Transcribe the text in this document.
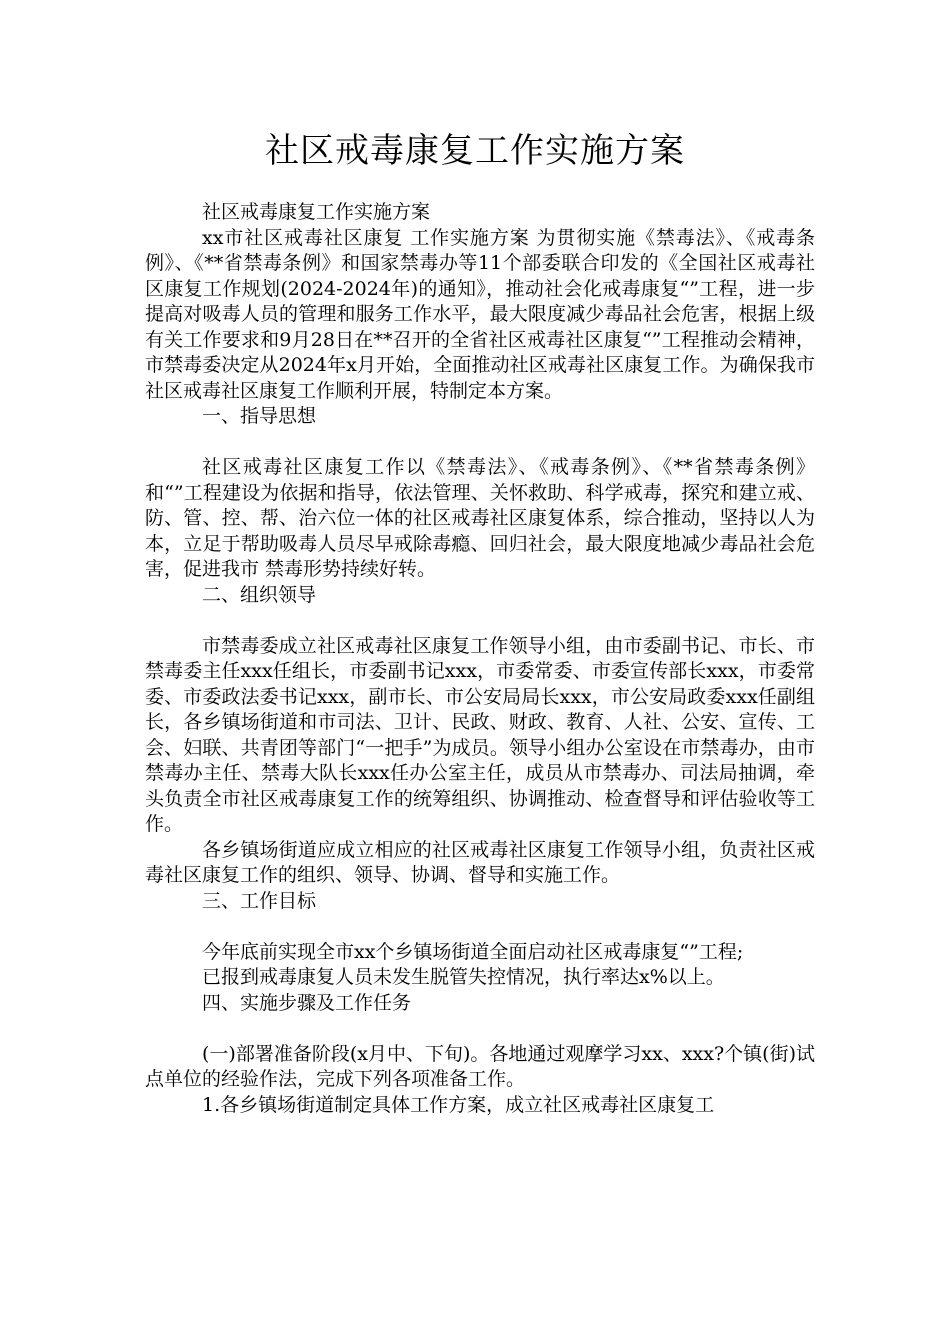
社区戒毒康复工作实施方案

社区戒毒康复工作实施方案

xx市社区戒毒社区康复 工作实施方案 为贯彻实施《禁毒法》、《戒毒条例》、《**省禁毒条例》和国家禁毒办等11个部委联合印发的《全国社区戒毒社区康复工作规划(2024-2024年)的通知》，推动社会化戒毒康复“”工程，进一步提高对吸毒人员的管理和服务工作水平，最大限度减少毒品社会危害，根据上级有关工作要求和9月28日在**召开的全省社区戒毒社区康复“”工程推动会精神，市禁毒委决定从2024年x月开始，全面推动社区戒毒社区康复工作。为确保我市社区戒毒社区康复工作顺利开展，特制定本方案。

一、指导思想

社区戒毒社区康复工作以《禁毒法》、《戒毒条例》、《**省禁毒条例》和“”工程建设为依据和指导，依法管理、关怀救助、科学戒毒，探究和建立戒、防、管、控、帮、治六位一体的社区戒毒社区康复体系，综合推动，坚持以人为本，立足于帮助吸毒人员尽早戒除毒瘾、回归社会，最大限度地减少毒品社会危害，促进我市 禁毒形势持续好转。

二、组织领导

市禁毒委成立社区戒毒社区康复工作领导小组，由市委副书记、市长、市禁毒委主任xxx任组长，市委副书记xxx，市委常委、市委宣传部长xxx，市委常委、市委政法委书记xxx，副市长、市公安局局长xxx，市公安局政委xxx任副组长，各乡镇场街道和市司法、卫计、民政、财政、教育、人社、公安、宣传、工会、妇联、共青团等部门“一把手”为成员。领导小组办公室设在市禁毒办，由市禁毒办主任、禁毒大队长xxx任办公室主任，成员从市禁毒办、司法局抽调，牵头负责全市社区戒毒康复工作的统筹组织、协调推动、检查督导和评估验收等工作。

各乡镇场街道应成立相应的社区戒毒社区康复工作领导小组，负责社区戒毒社区康复工作的组织、领导、协调、督导和实施工作。

三、工作目标

今年底前实现全市xx个乡镇场街道全面启动社区戒毒康复“”工程;

已报到戒毒康复人员未发生脱管失控情况，执行率达x%以上。

四、实施步骤及工作任务

(一)部署准备阶段(x月中、下旬)。各地通过观摩学习xx、xxx?个镇(街)试点单位的经验作法，完成下列各项准备工作。

1.各乡镇场街道制定具体工作方案，成立社区戒毒社区康复工
